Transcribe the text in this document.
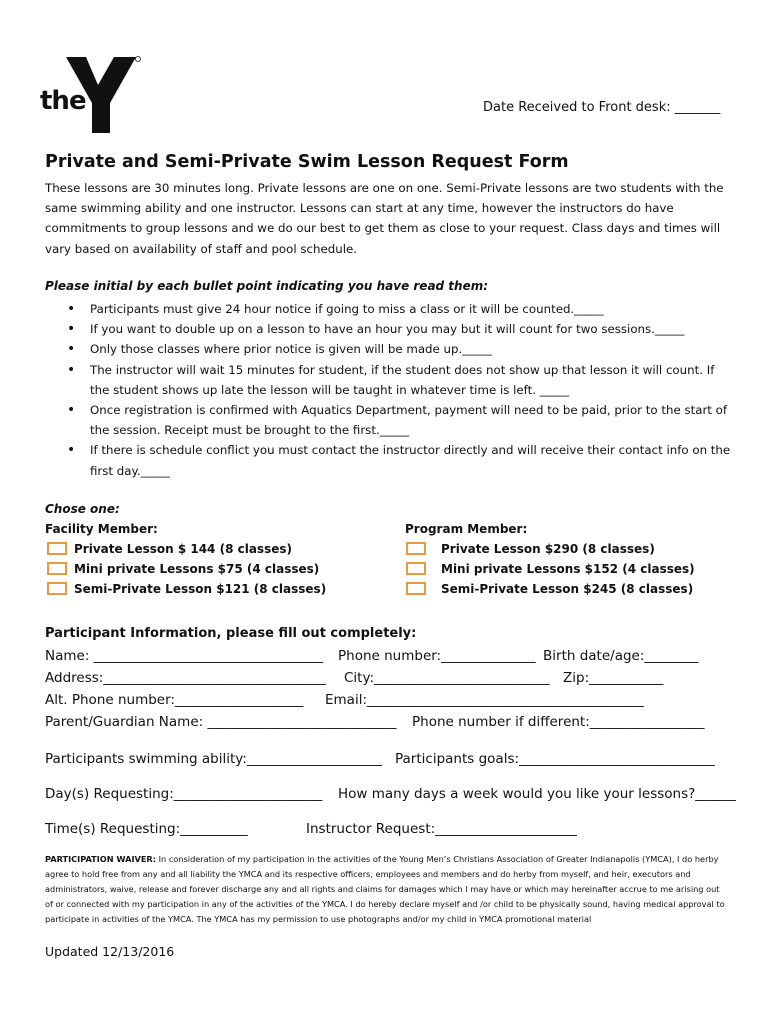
the	YMCA	Date Received to Front desk: _______
Private and Semi-Private Swim Lesson Request Form

These lessons are 30 minutes long. Private lessons are one on one. Semi-Private lessons are two students with the same swimming ability and one instructor. Lessons can start at any time, however the instructors do have commitments to group lessons and we do our best to get them as close to your request. Class days and times will vary based on availability of staff and pool schedule.

Please initial by each bullet point indicating you have read them:
• Participants must give 24 hour notice if going to miss a class or it will be counted._____
• If you want to double up on a lesson to have an hour you may but it will count for two sessions._____
• Only those classes where prior notice is given will be made up._____
• The instructor will wait 15 minutes for student, if the student does not show up that lesson it will count. If the student shows up late the lesson will be taught in whatever time is left. _____
• Once registration is confirmed with Aquatics Department, payment will need to be paid, prior to the start of the session. Receipt must be brought to the first._____
• If there is schedule conflict you must contact the instructor directly and will receive their contact info on the first day._____
Chose one:
Facility Member:
Private Lesson $ 144 (8 classes)
Mini private Lessons $75 (4 classes)
Semi-Private Lesson $121 (8 classes)
Program Member:
Private Lesson $290 (8 classes)
Mini private Lessons $152 (4 classes)
Semi-Private Lesson $245 (8 classes)
Participant Information, please fill out completely:
Name: __________________________________ Phone number:______________ Birth date/age:________
Address:_________________________________ City:__________________________ Zip:___________
Alt. Phone number:___________________ Email:_________________________________________
Parent/Guardian Name: ____________________________ Phone number if different:_________________
Participants swimming ability:____________________ Participants goals:_____________________________
Day(s) Requesting:______________________ How many days a week would you like your lessons?______
Time(s) Requesting:__________	Instructor Request:_____________________

PARTICIPATION WAIVER: In consideration of my participation in the activities of the Young Men’s Christians Association of Greater Indianapolis (YMCA), I do herby agree to hold free from any and all liability the YMCA and its respective officers, employees and members and do herby from myself, and heir, executors and administrators, waive, release and forever discharge any and all rights and claims for damages which I may have or which may hereinafter accrue to me arising out of or connected with my participation in any of the activities of the YMCA. I do hereby declare myself and /or child to be physically sound, having medical approval to participate in activities of the YMCA. The YMCA has my permission to use photographs and/or my child in YMCA promotional material

Updated 12/13/2016
